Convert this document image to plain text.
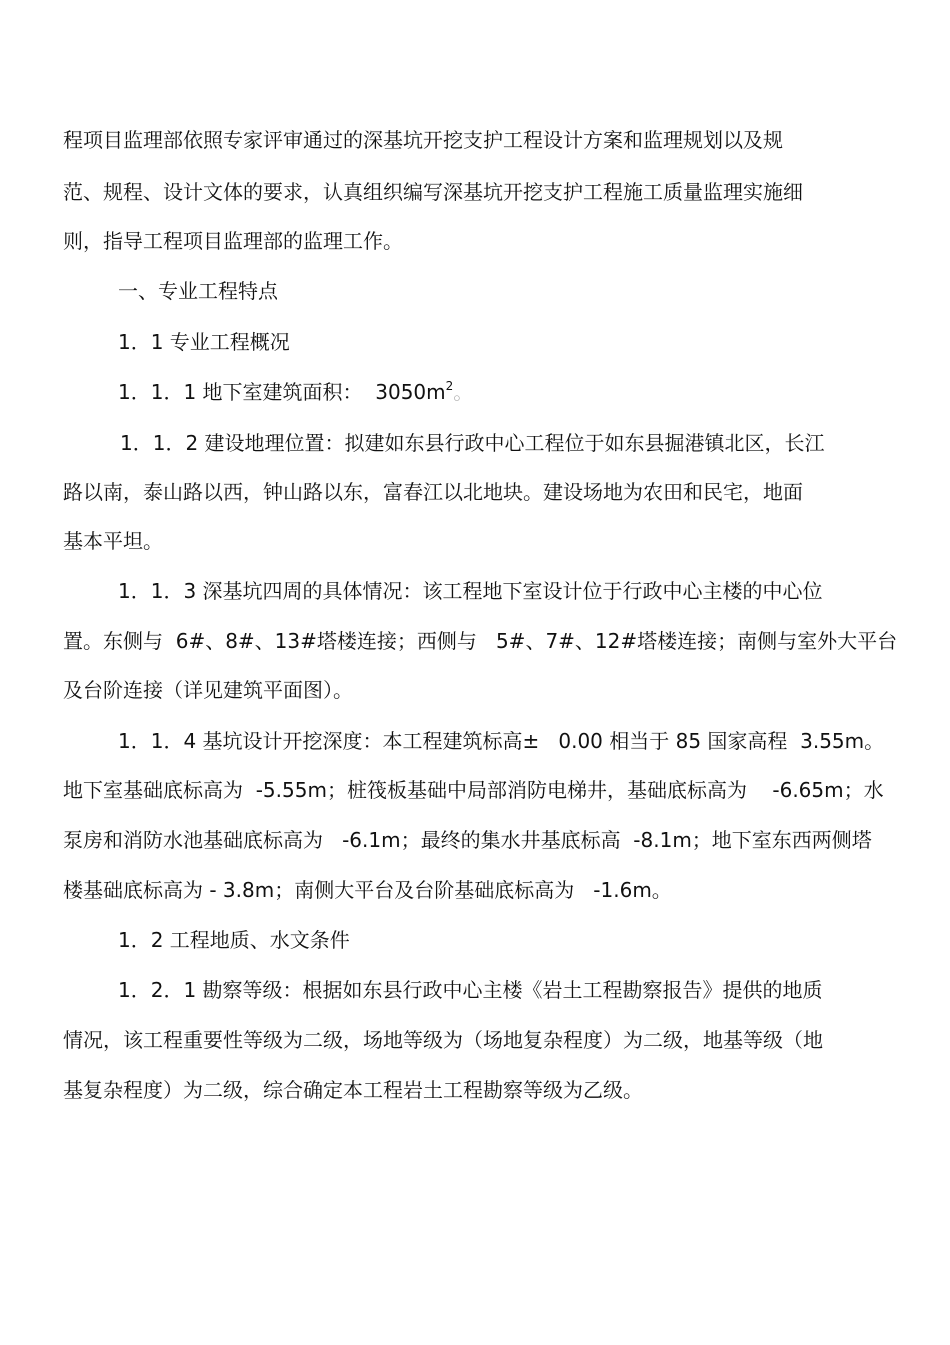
程项目监理部依照专家评审通过的深基坑开挖支护工程设计方案和监理规划以及规

范、规程、设计文体的要求，认真组织编写深基坑开挖支护工程施工质量监理实施细

则，指导工程项目监理部的监理工作。

一、专业工程特点

1．1 专业工程概况

1．1．1 地下室建筑面积：  $3050m^2$。

1．1．2 建设地理位置：拟建如东县行政中心工程位于如东县掘港镇北区，长江

路以南，泰山路以西，钟山路以东，富春江以北地块。建设场地为农田和民宅，地面

基本平坦。

1．1．3 深基坑四周的具体情况：该工程地下室设计位于行政中心主楼的中心位

置。东侧与  6#、8#、13#塔楼连接；西侧与   5#、7#、12#塔楼连接；南侧与室外大平台

及台阶连接（详见建筑平面图）。

1．1．4 基坑设计开挖深度：本工程建筑标高±   0.00 相当于 85 国家高程  3.55m。

地下室基础底标高为  -5.55m；桩筏板基础中局部消防电梯井，基础底标高为    -6.65m；水

泵房和消防水池基础底标高为   -6.1m；最终的集水井基底标高  -8.1m；地下室东西两侧塔

楼基础底标高为 - 3.8m；南侧大平台及台阶基础底标高为   -1.6m。

1．2 工程地质、水文条件

1．2．1 勘察等级：根据如东县行政中心主楼《岩土工程勘察报告》提供的地质

情况，该工程重要性等级为二级，场地等级为（场地复杂程度）为二级，地基等级（地

基复杂程度）为二级，综合确定本工程岩土工程勘察等级为乙级。
